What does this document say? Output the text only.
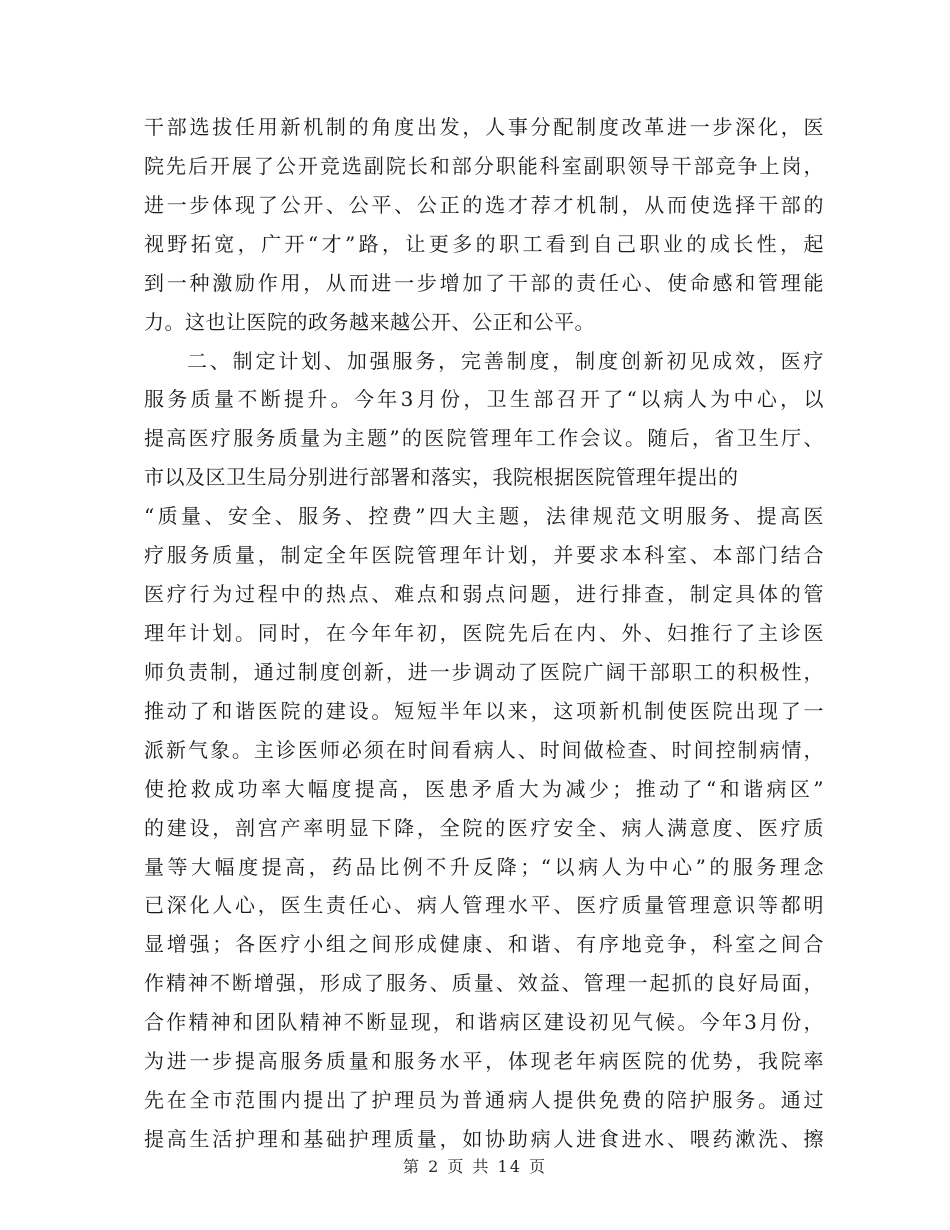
干部选拔任用新机制的角度出发，人事分配制度改革进一步深化，医
院先后开展了公开竞选副院长和部分职能科室副职领导干部竞争上岗，
进一步体现了公开、公平、公正的选才荐才机制，从而使选择干部的
视野拓宽，广开“才”路，让更多的职工看到自己职业的成长性，起
到一种激励作用，从而进一步增加了干部的责任心、使命感和管理能
力。这也让医院的政务越来越公开、公正和公平。
二、制定计划、加强服务，完善制度，制度创新初见成效，医疗
服务质量不断提升。今年3月份，卫生部召开了“以病人为中心，以
提高医疗服务质量为主题”的医院管理年工作会议。随后，省卫生厅、
市以及区卫生局分别进行部署和落实，我院根据医院管理年提出的
“质量、安全、服务、控费”四大主题，法律规范文明服务、提高医
疗服务质量，制定全年医院管理年计划，并要求本科室、本部门结合
医疗行为过程中的热点、难点和弱点问题，进行排查，制定具体的管
理年计划。同时，在今年年初，医院先后在内、外、妇推行了主诊医
师负责制，通过制度创新，进一步调动了医院广阔干部职工的积极性，
推动了和谐医院的建设。短短半年以来，这项新机制使医院出现了一
派新气象。主诊医师必须在时间看病人、时间做检查、时间控制病情，
使抢救成功率大幅度提高，医患矛盾大为减少；推动了“和谐病区”
的建设，剖宫产率明显下降，全院的医疗安全、病人满意度、医疗质
量等大幅度提高，药品比例不升反降；“以病人为中心”的服务理念
已深化人心，医生责任心、病人管理水平、医疗质量管理意识等都明
显增强；各医疗小组之间形成健康、和谐、有序地竞争，科室之间合
作精神不断增强，形成了服务、质量、效益、管理一起抓的良好局面，
第 2 页 共 14 页
合作精神和团队精神不断显现，和谐病区建设初见气候。今年3月份，
为进一步提高服务质量和服务水平，体现老年病医院的优势，我院率
先在全市范围内提出了护理员为普通病人提供免费的陪护服务。通过
提高生活护理和基础护理质量，如协助病人进食进水、喂药漱洗、擦
